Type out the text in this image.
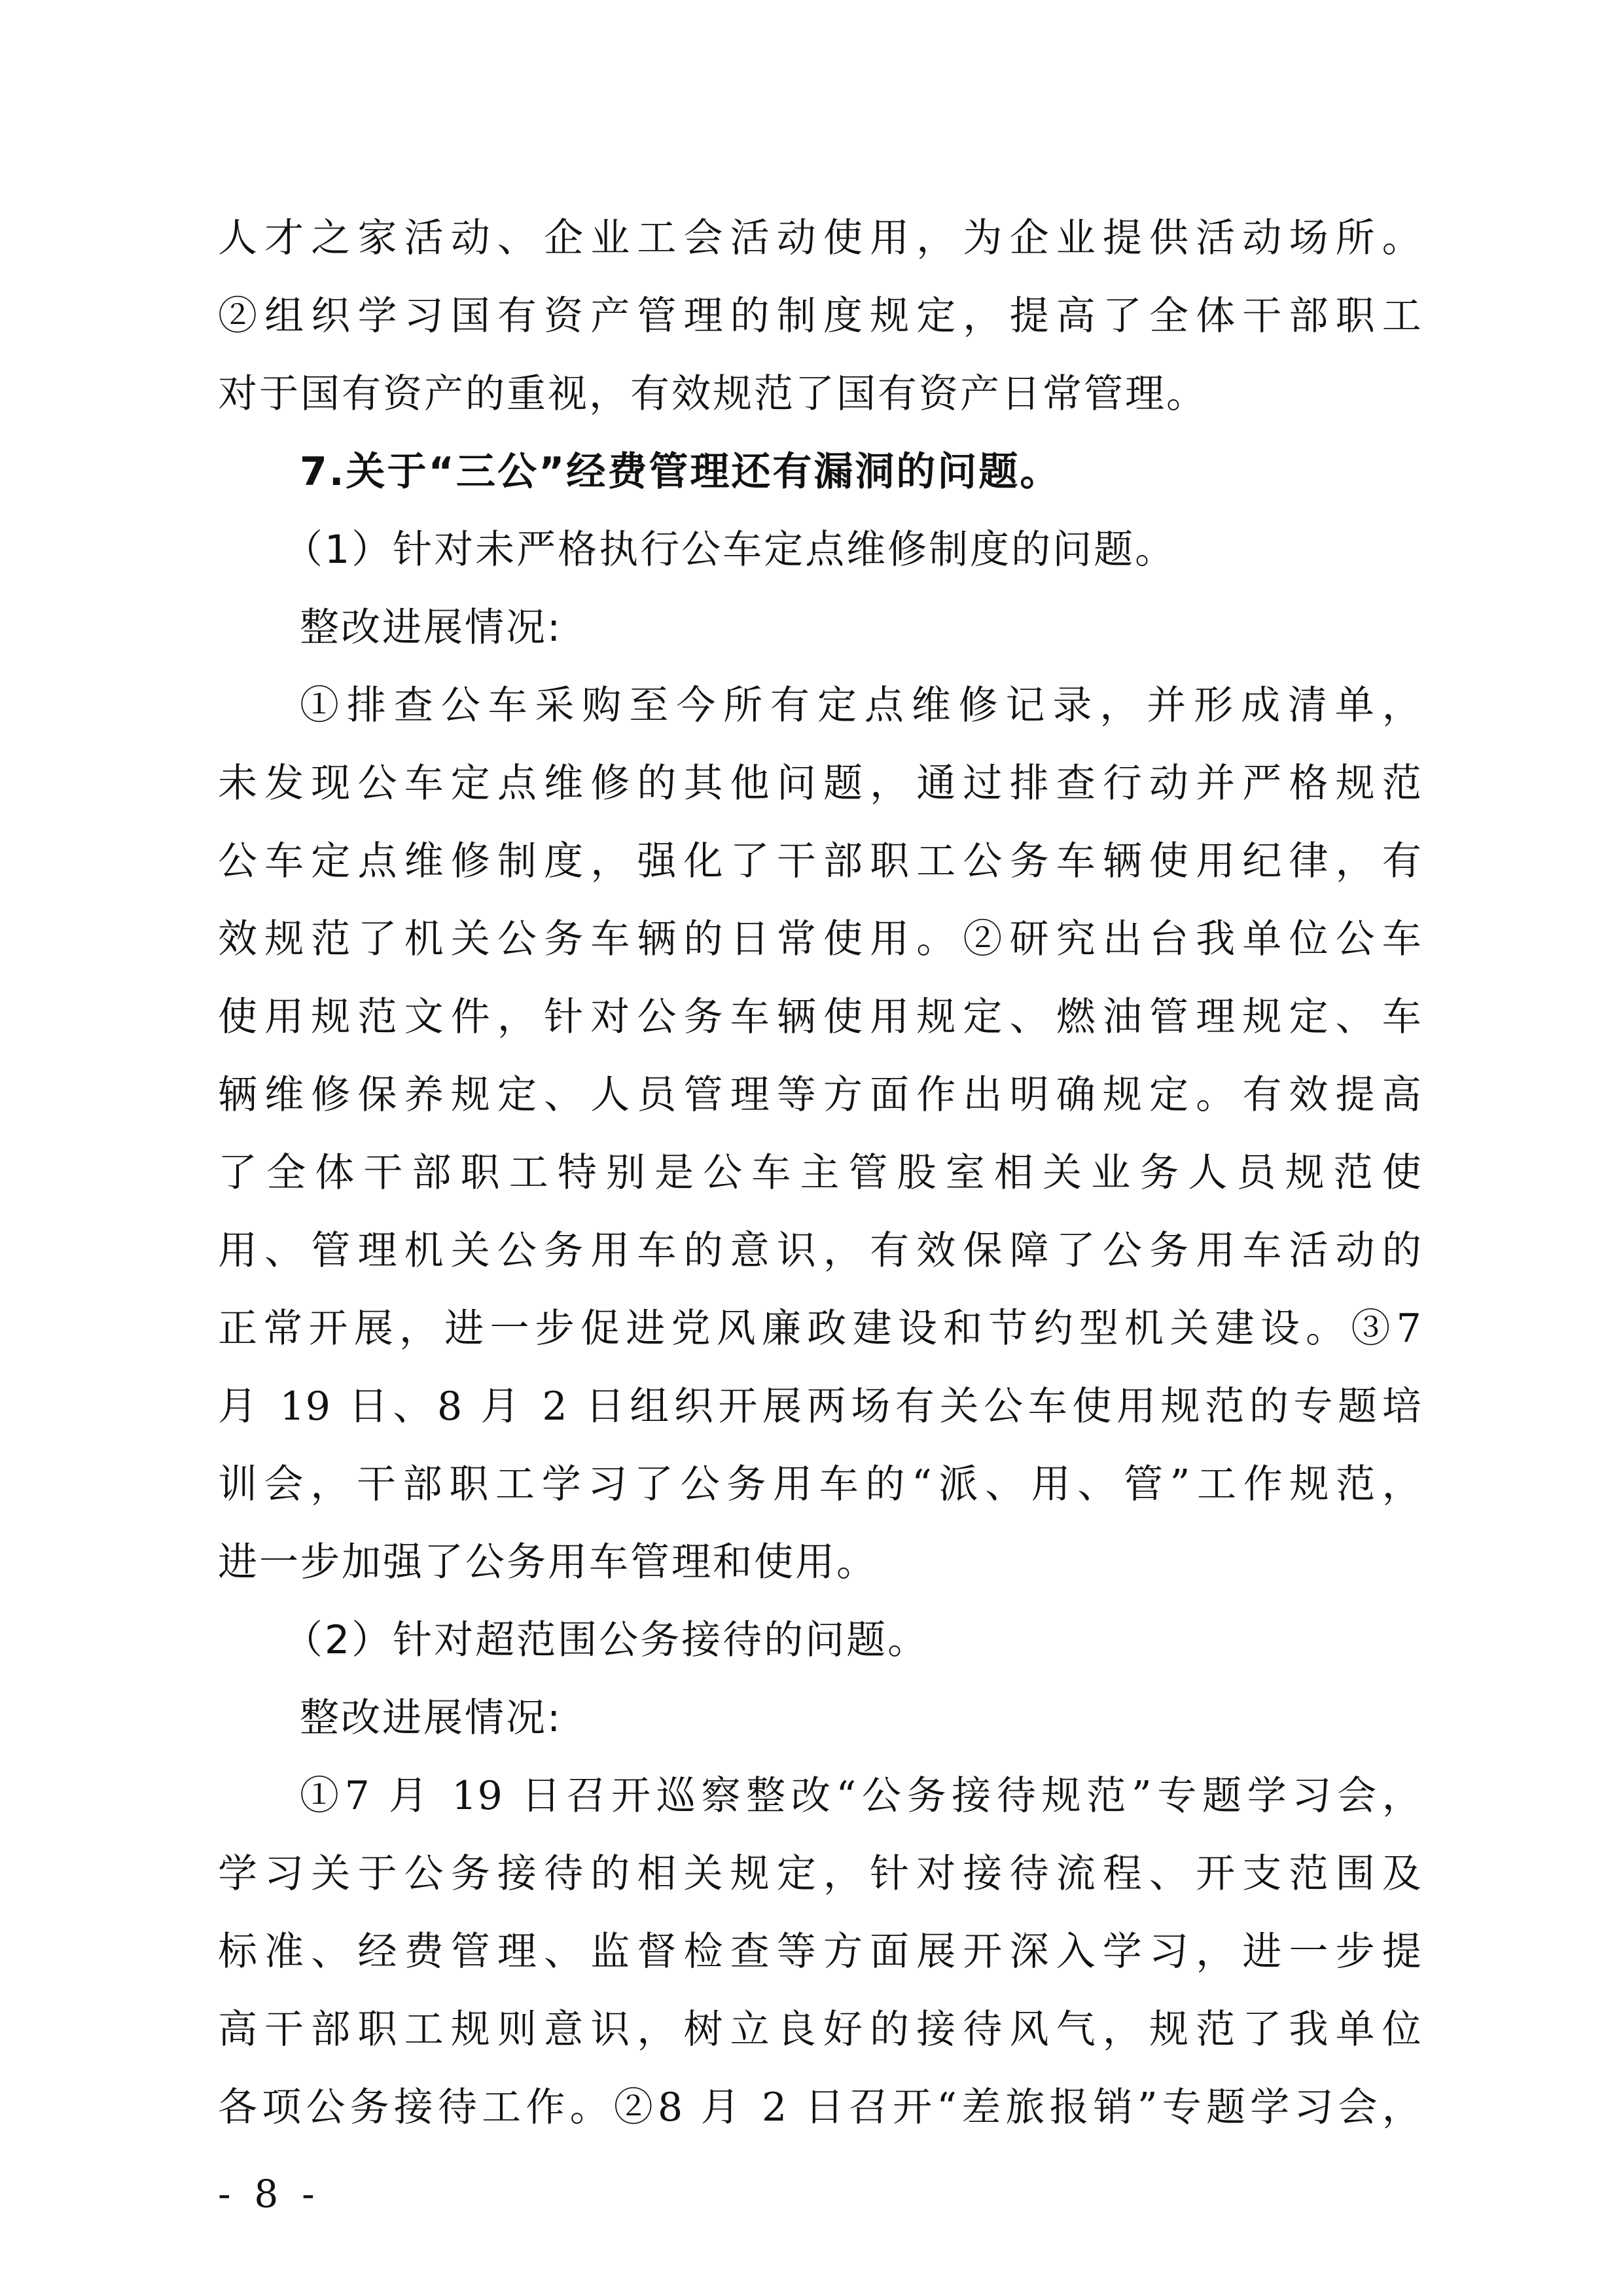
人才之家活动、企业工会活动使用，为企业提供活动场所。
②组织学习国有资产管理的制度规定，提高了全体干部职工
对于国有资产的重视，有效规范了国有资产日常管理。
7.关于“三公”经费管理还有漏洞的问题。
（1）针对未严格执行公车定点维修制度的问题。
整改进展情况:
①排查公车采购至今所有定点维修记录，并形成清单，
未发现公车定点维修的其他问题，通过排查行动并严格规范
公车定点维修制度，强化了干部职工公务车辆使用纪律，有
效规范了机关公务车辆的日常使用。②研究出台我单位公车
使用规范文件，针对公务车辆使用规定、燃油管理规定、车
辆维修保养规定、人员管理等方面作出明确规定。有效提高
了全体干部职工特别是公车主管股室相关业务人员规范使
用、管理机关公务用车的意识，有效保障了公务用车活动的
正常开展，进一步促进党风廉政建设和节约型机关建设。③7
月 19 日、8 月 2 日组织开展两场有关公车使用规范的专题培
训会，干部职工学习了公务用车的“派、用、管”工作规范，
进一步加强了公务用车管理和使用。
（2）针对超范围公务接待的问题。
整改进展情况:
①7 月 19 日召开巡察整改“公务接待规范”专题学习会，
学习关于公务接待的相关规定，针对接待流程、开支范围及
标准、经费管理、监督检查等方面展开深入学习，进一步提
高干部职工规则意识，树立良好的接待风气，规范了我单位
各项公务接待工作。②8 月 2 日召开“差旅报销”专题学习会，
- 8 -
